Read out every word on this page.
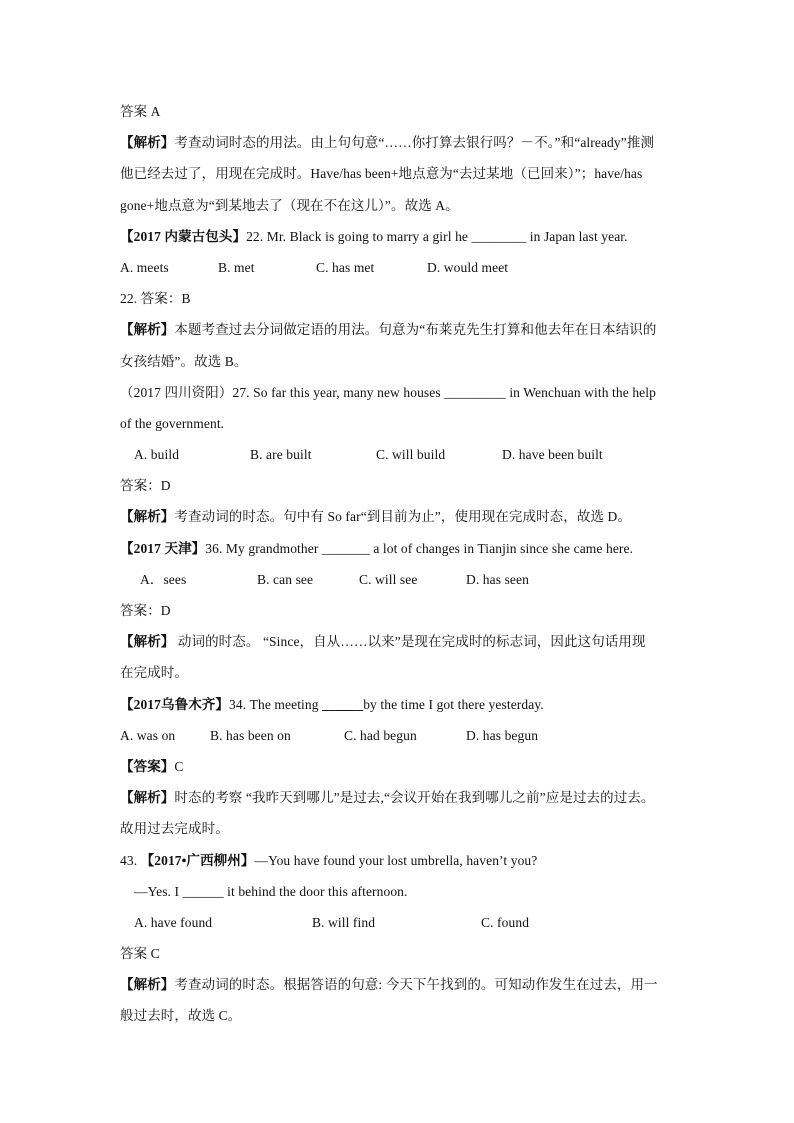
答案 A
【解析】考查动词时态的用法。由上句句意“……你打算去银行吗？－不。”和“already”推测
他已经去过了，用现在完成时。Have/has been+地点意为“去过某地（已回来）”；have/has
gone+地点意为“到某地去了（现在不在这儿）”。故选 A。
【2017 内蒙古包头】22. Mr. Black is going to marry a girl he ________ in Japan last year.
A. meets	B. met	C. has met	D. would meet
22. 答案：B
【解析】本题考查过去分词做定语的用法。句意为“布莱克先生打算和他去年在日本结识的
女孩结婚”。故选 B。
（2017 四川资阳）27. So far this year, many new houses _________ in Wenchuan with the help
of the government.
A. build	B. are built	C. will build	D. have been built
答案：D
【解析】考查动词的时态。句中有 So far“到目前为止”，使用现在完成时态，故选 D。
【2017 天津】36. My grandmother _______ a lot of changes in Tianjin since she came here.
A．sees	B. can see	C. will see	D. has seen
答案：D
【解析】 动词的时态。 “Since，自从……以来”是现在完成时的标志词，因此这句话用现
在完成时。
【2017乌鲁木齐】34. The meeting ______by the time I got there yesterday.
A. was on	B. has been on	C. had begun	D. has begun
【答案】C
【解析】时态的考察 “我昨天到哪儿”是过去,“会议开始在我到哪儿之前”应是过去的过去。
故用过去完成时。
43. 【2017•广西柳州】—You have found your lost umbrella, haven’t you?
—Yes. I ______ it behind the door this afternoon.
A. have found	B. will find	C. found
答案 C
【解析】考查动词的时态。根据答语的句意: 今天下午找到的。可知动作发生在过去，用一
般过去时，故选 C。
